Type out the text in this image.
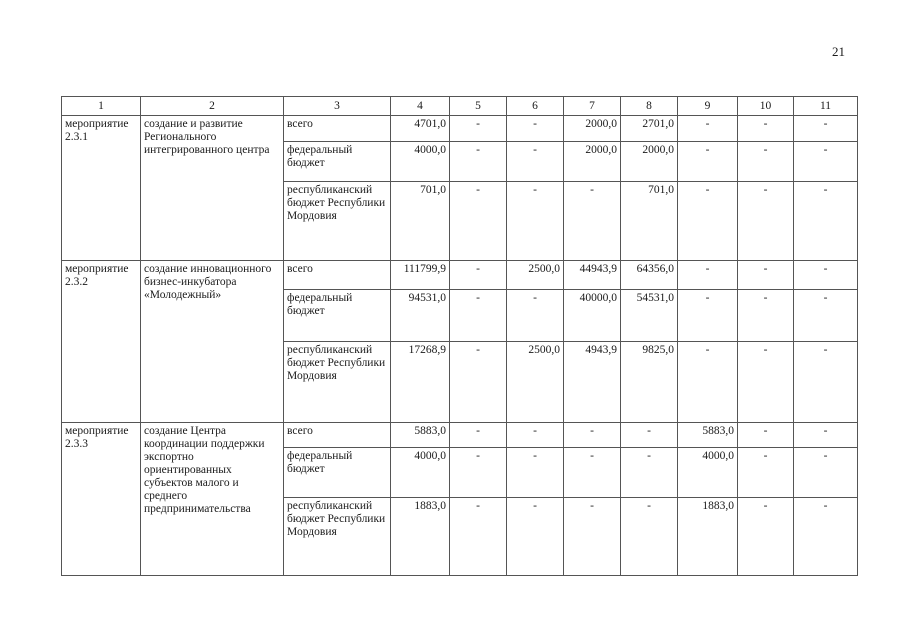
21
1	2	3	4	5	6	7	8	9	10	11
мероприятие 2.3.1	создание и развитие Регионального интегрированного центра	всего	4701,0	-	-	2000,0	2701,0	-	-	-
		федеральный бюджет	4000,0	-	-	2000,0	2000,0	-	-	-
		республиканский бюджет Республики Мордовия	701,0	-	-	-	701,0	-	-	-
мероприятие 2.3.2	создание инновационного бизнес-инкубатора «Молодежный»	всего	111799,9	-	2500,0	44943,9	64356,0	-	-	-
		федеральный бюджет	94531,0	-	-	40000,0	54531,0	-	-	-
		республиканский бюджет Республики Мордовия	17268,9	-	2500,0	4943,9	9825,0	-	-	-
мероприятие 2.3.3	создание Центра координации поддержки экспортно ориентированных субъектов малого и среднего предпринимательства	всего	5883,0	-	-	-	-	5883,0	-	-
		федеральный бюджет	4000,0	-	-	-	-	4000,0	-	-
		республиканский бюджет Республики Мордовия	1883,0	-	-	-	-	1883,0	-	-
